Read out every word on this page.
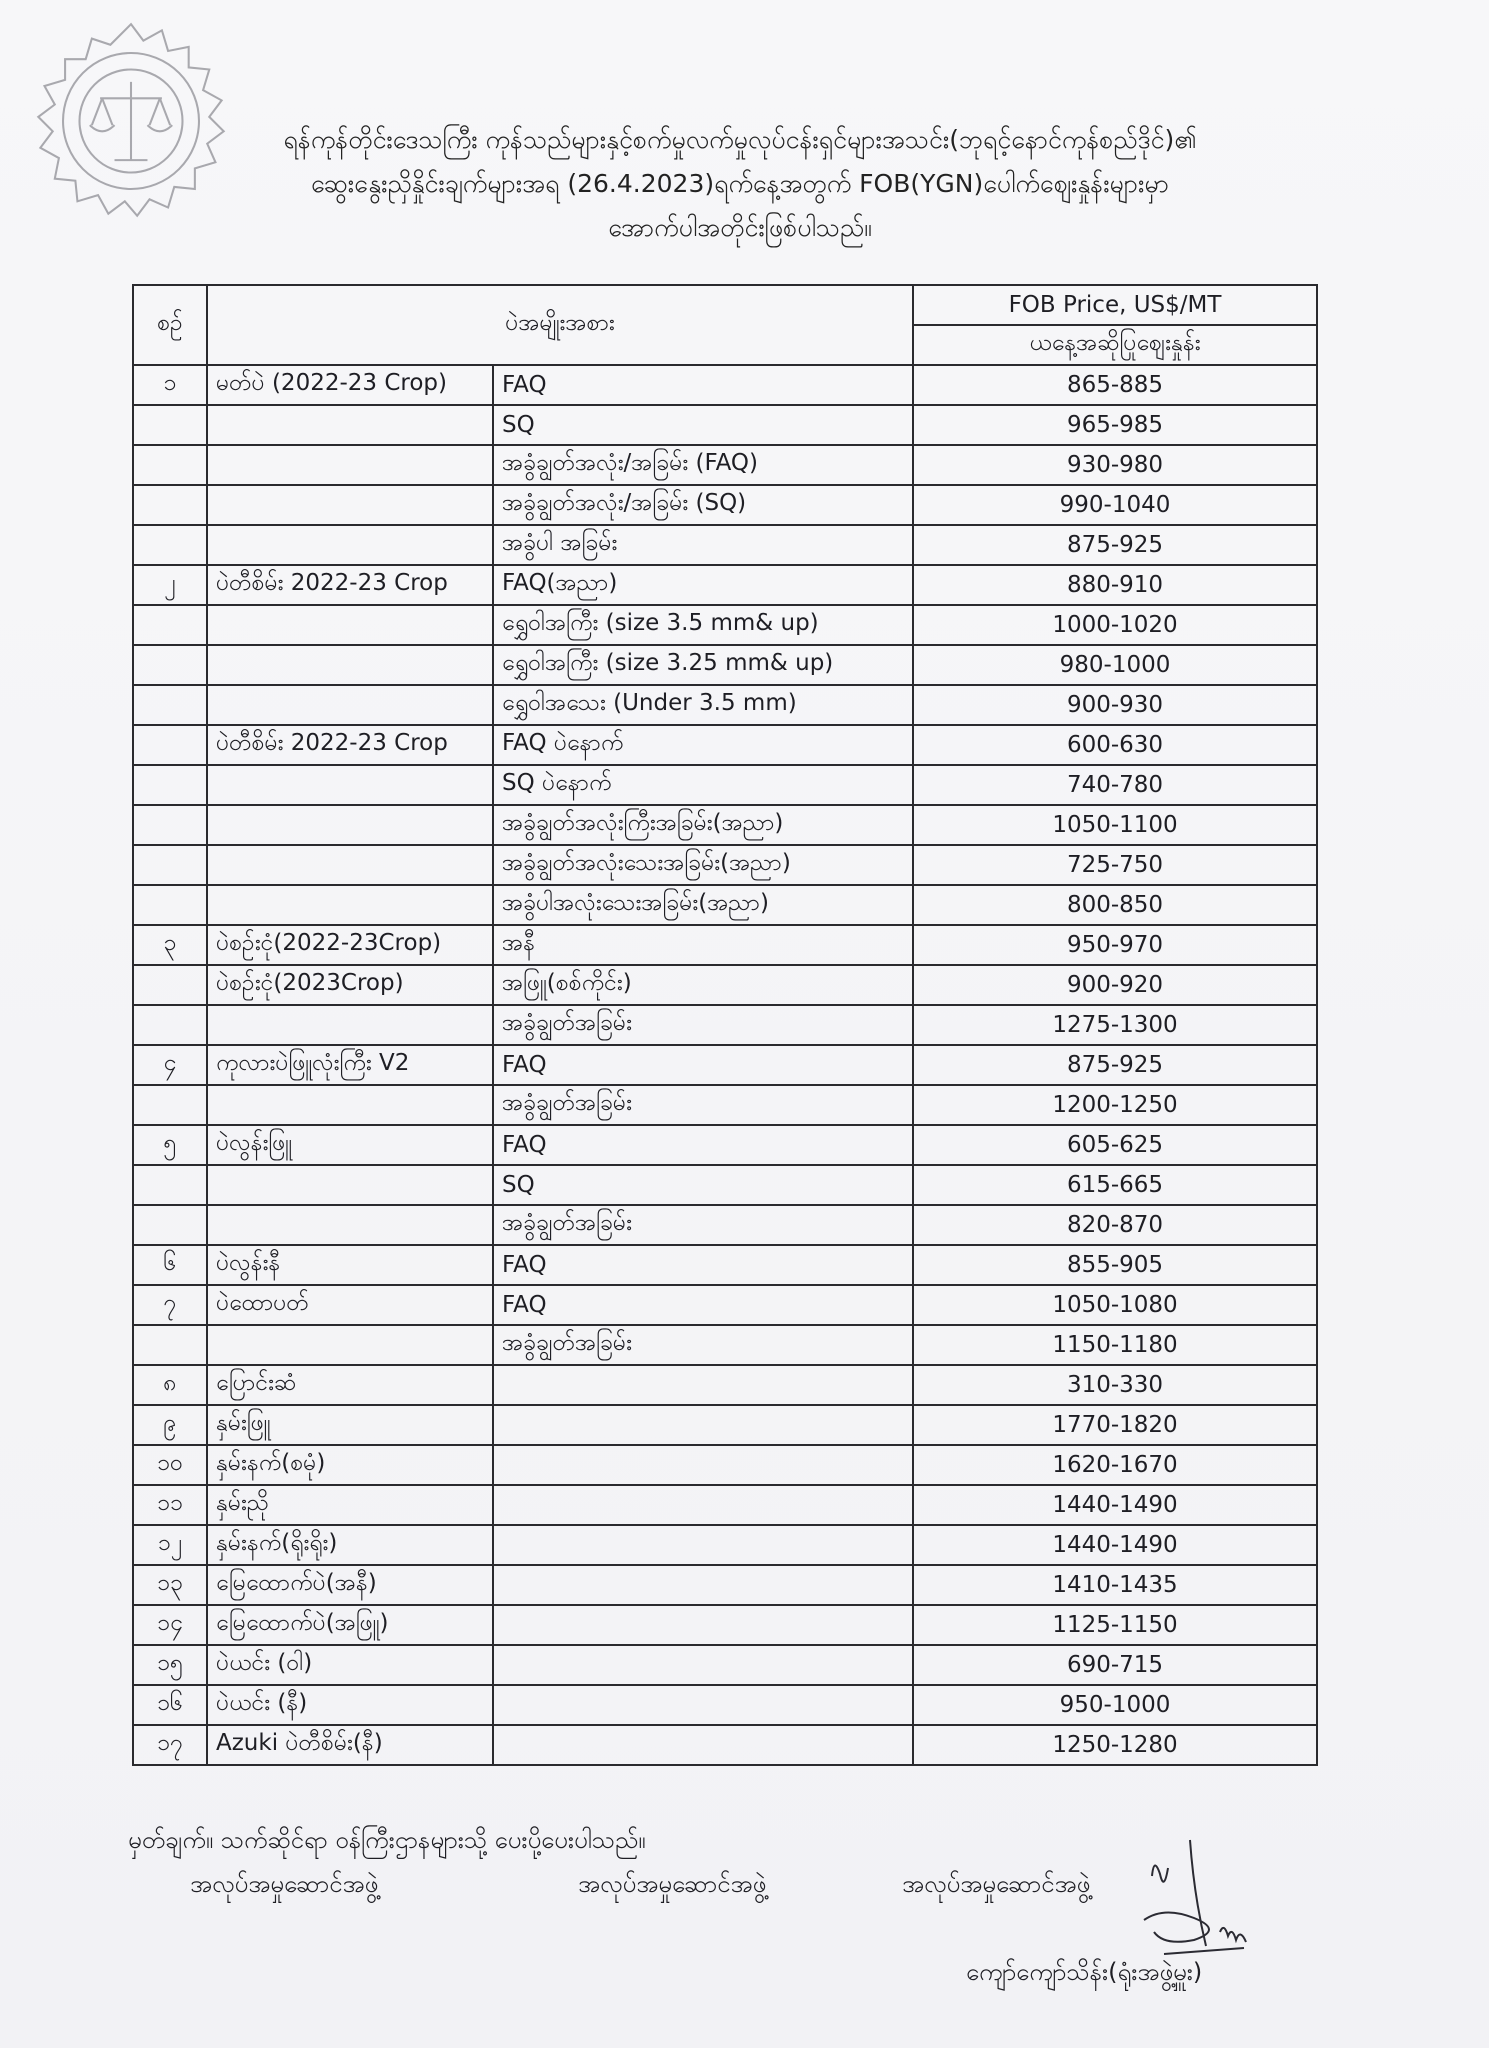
ရန်ကုန်တိုင်းဒေသကြီး ကုန်သည်များနှင့်စက်မှုလက်မှုလုပ်ငန်းရှင်များအသင်း(ဘုရင့်နောင်ကုန်စည်ဒိုင်)၏
ဆွေးနွေးညှိနှိုင်းချက်များအရ (26.4.2023)ရက်နေ့အတွက် FOB(YGN)ပေါက်ဈေးနှုန်းများမှာ
အောက်ပါအတိုင်းဖြစ်ပါသည်။
စဉ်	ပဲအမျိုးအစား		FOB Price, US$/MT
			ယနေ့အဆိုပြုဈေးနှုန်း
၁	မတ်ပဲ (2022-23 Crop)	FAQ	865-885
		SQ	965-985
		အခွံချွတ်အလုံး/အခြမ်း (FAQ)	930-980
		အခွံချွတ်အလုံး/အခြမ်း (SQ)	990-1040
		အခွံပါ အခြမ်း	875-925
၂	ပဲတီစိမ်း 2022-23 Crop	FAQ(အညာ)	880-910
		ရွှေဝါအကြီး (size 3.5 mm& up)	1000-1020
		ရွှေဝါအကြီး (size 3.25 mm& up)	980-1000
		ရွှေဝါအသေး (Under 3.5 mm)	900-930
	ပဲတီစိမ်း 2022-23 Crop	FAQ ပဲနောက်	600-630
		SQ ပဲနောက်	740-780
		အခွံချွတ်အလုံးကြီးအခြမ်း(အညာ)	1050-1100
		အခွံချွတ်အလုံးသေးအခြမ်း(အညာ)	725-750
		အခွံပါအလုံးသေးအခြမ်း(အညာ)	800-850
၃	ပဲစဉ်းငုံ(2022-23Crop)	အနီ	950-970
	ပဲစဉ်းငုံ(2023Crop)	အဖြူ(စစ်ကိုင်း)	900-920
		အခွံချွတ်အခြမ်း	1275-1300
၄	ကုလားပဲဖြူလုံးကြီး V2	FAQ	875-925
		အခွံချွတ်အခြမ်း	1200-1250
၅	ပဲလွန်းဖြူ	FAQ	605-625
		SQ	615-665
		အခွံချွတ်အခြမ်း	820-870
၆	ပဲလွန်းနီ	FAQ	855-905
၇	ပဲထောပတ်	FAQ	1050-1080
		အခွံချွတ်အခြမ်း	1150-1180
၈	ပြောင်းဆံ		310-330
၉	နှမ်းဖြူ		1770-1820
၁၀	နှမ်းနက်(စမုံ)		1620-1670
၁၁	နှမ်းညို		1440-1490
၁၂	နှမ်းနက်(ရိုးရိုး)		1440-1490
၁၃	မြေထောက်ပဲ(အနီ)		1410-1435
၁၄	မြေထောက်ပဲ(အဖြူ)		1125-1150
၁၅	ပဲယင်း (ဝါ)		690-715
၁၆	ပဲယင်း (နီ)		950-1000
၁၇	Azuki ပဲတီစိမ်း(နီ)		1250-1280
မှတ်ချက်။ သက်ဆိုင်ရာ ဝန်ကြီးဌာနများသို့ ပေးပို့ပေးပါသည်။
အလုပ်အမှုဆောင်အဖွဲ့	အလုပ်အမှုဆောင်အဖွဲ့	အလုပ်အမှုဆောင်အဖွဲ့
ကျော်ကျော်သိန်း(ရုံးအဖွဲ့မှူး)
